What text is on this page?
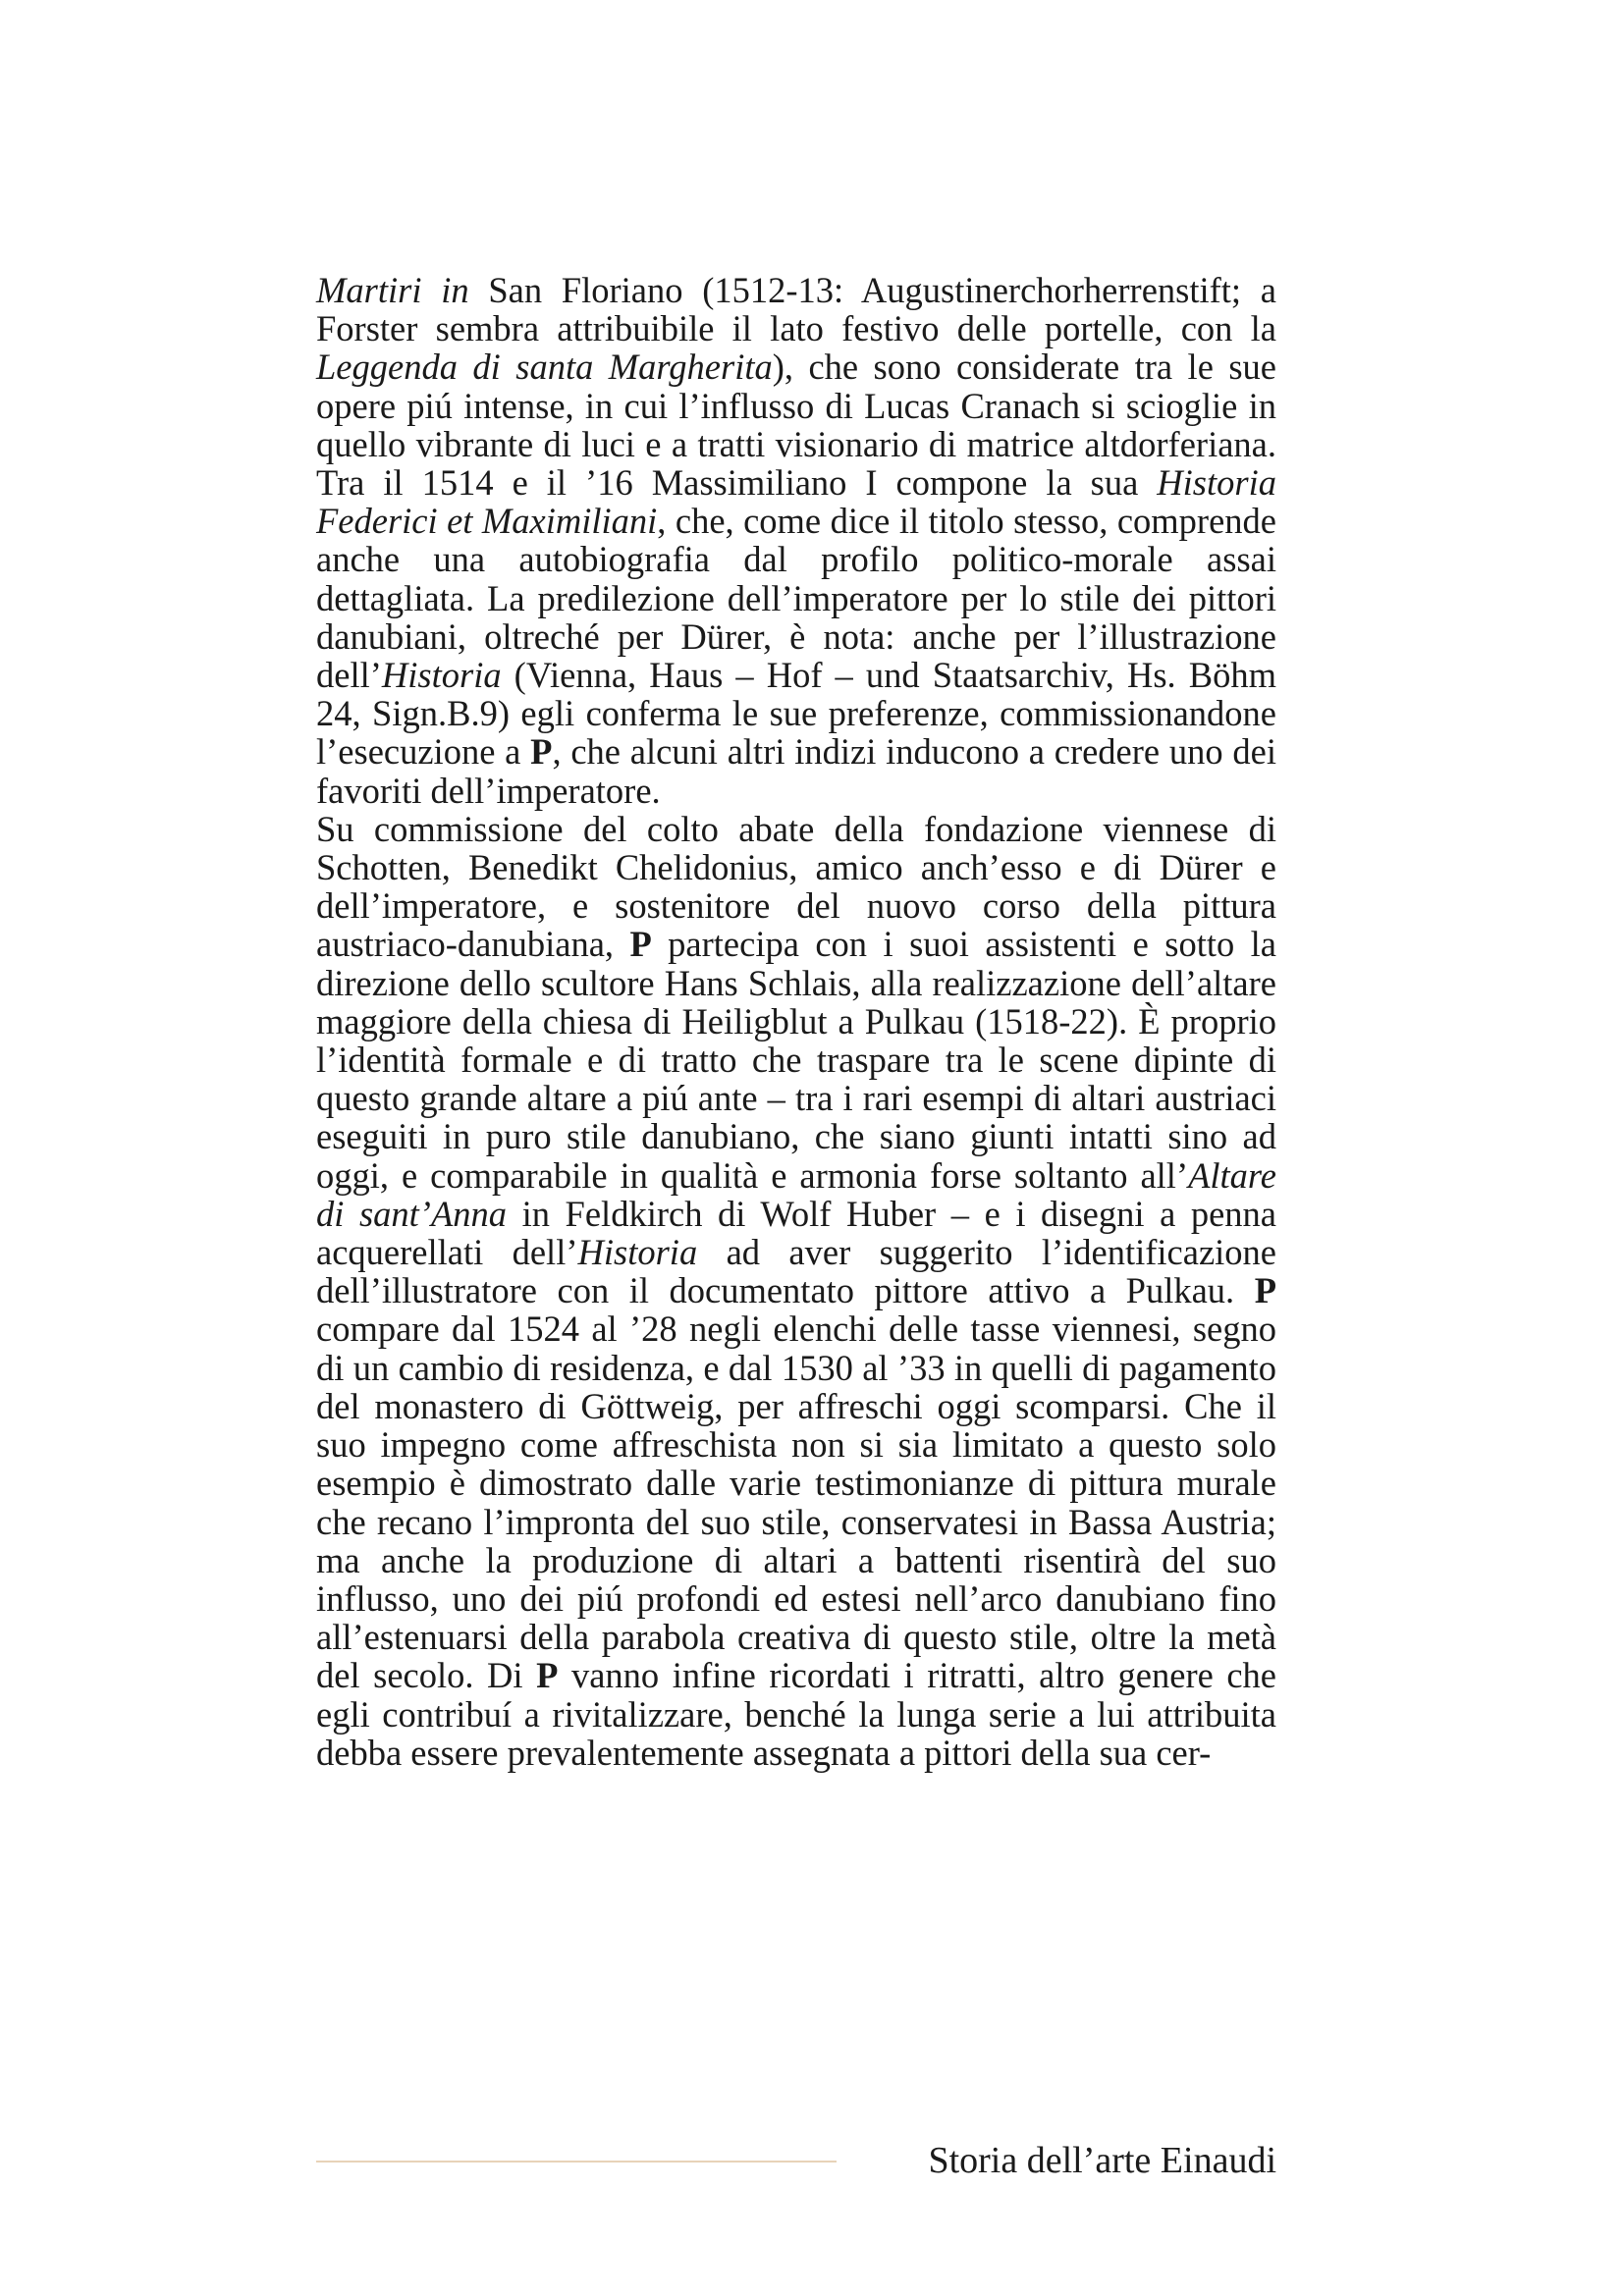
Martiri in San Floriano (1512-13: Augustinerchorherrenstift; a Forster sembra attribuibile il lato festivo delle portelle, con la Leggenda di santa Margherita), che sono considerate tra le sue opere piú intense, in cui l’influsso di Lucas Cranach si scioglie in quello vibrante di luci e a tratti visionario di matrice altdorferiana. Tra il 1514 e il ’16 Massimiliano I compone la sua Historia Federici et Maximiliani, che, come dice il titolo stesso, comprende anche una autobiografia dal profilo politico-morale assai dettagliata. La predilezione dell’imperatore per lo stile dei pittori danubiani, oltreché per Dürer, è nota: anche per l’illustrazione dell’Historia (Vienna, Haus – Hof – und Staatsarchiv, Hs. Böhm 24, Sign.B.9) egli conferma le sue preferenze, commissionandone l’esecuzione a P, che alcuni altri indizi inducono a credere uno dei favoriti dell’imperatore.

Su commissione del colto abate della fondazione viennese di Schotten, Benedikt Chelidonius, amico anch’esso e di Dürer e dell’imperatore, e sostenitore del nuovo corso della pittura austriaco-danubiana, P partecipa con i suoi assistenti e sotto la direzione dello scultore Hans Schlais, alla realizzazione dell’altare maggiore della chiesa di Heiligblut a Pulkau (1518-22). È proprio l’identità formale e di tratto che traspare tra le scene dipinte di questo grande altare a piú ante – tra i rari esempi di altari austriaci eseguiti in puro stile danubiano, che siano giunti intatti sino ad oggi, e comparabile in qualità e armonia forse soltanto all’Altare di sant’Anna in Feldkirch di Wolf Huber – e i disegni a penna acquerellati dell’Historia ad aver suggerito l’identificazione dell’illustratore con il documentato pittore attivo a Pulkau. P compare dal 1524 al ’28 negli elenchi delle tasse viennesi, segno di un cambio di residenza, e dal 1530 al ’33 in quelli di pagamento del monastero di Göttweig, per affreschi oggi scomparsi. Che il suo impegno come affreschista non si sia limitato a questo solo esempio è dimostrato dalle varie testimonianze di pittura murale che recano l’impronta del suo stile, conservatesi in Bassa Austria; ma anche la produzione di altari a battenti risentirà del suo influsso, uno dei piú profondi ed estesi nell’arco danubiano fino all’estenuarsi della parabola creativa di questo stile, oltre la metà del secolo. Di P vanno infine ricordati i ritratti, altro genere che egli contribuí a rivitalizzare, benché la lunga serie a lui attribuita debba essere prevalentemente assegnata a pittori della sua cer-

Storia dell’arte Einaudi
